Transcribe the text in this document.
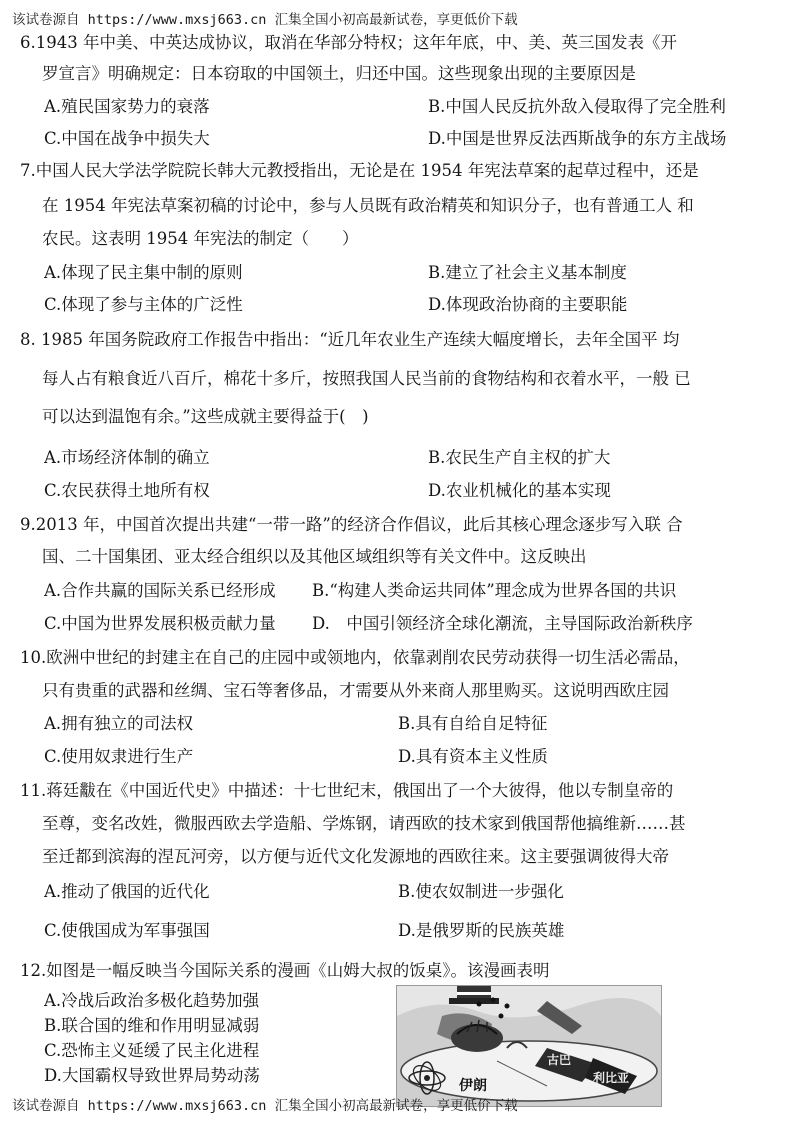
该试卷源自 https://www.mxsj663.cn 汇集全国小初高最新试卷，享更低价下载
6.1943 年中美、中英达成协议，取消在华部分特权；这年年底，中、美、英三国发表《开
罗宣言》明确规定：日本窃取的中国领土，归还中国。这些现象出现的主要原因是
A.殖民国家势力的衰落	B.中国人民反抗外敌入侵取得了完全胜利
C.中国在战争中损失大	D.中国是世界反法西斯战争的东方主战场
7.中国人民大学法学院院长韩大元教授指出，无论是在 1954 年宪法草案的起草过程中，还是
在 1954 年宪法草案初稿的讨论中，参与人员既有政治精英和知识分子，也有普通工人 和
农民。这表明 1954 年宪法的制定（　　）
A.体现了民主集中制的原则	B.建立了社会主义基本制度
C.体现了参与主体的广泛性	D.体现政治协商的主要职能
8. 1985 年国务院政府工作报告中指出：“近几年农业生产连续大幅度增长，去年全国平 均
每人占有粮食近八百斤，棉花十多斤，按照我国人民当前的食物结构和衣着水平，一般 已
可以达到温饱有余。”这些成就主要得益于(　)
A.市场经济体制的确立	B.农民生产自主权的扩大
C.农民获得土地所有权	D.农业机械化的基本实现
9.2013 年，中国首次提出共建“一带一路”的经济合作倡议，此后其核心理念逐步写入联 合
国、二十国集团、亚太经合组织以及其他区域组织等有关文件中。这反映出
A.合作共赢的国际关系已经形成	B.“构建人类命运共同体”理念成为世界各国的共识
C.中国为世界发展积极贡献力量	D.　中国引领经济全球化潮流，主导国际政治新秩序
10.欧洲中世纪的封建主在自己的庄园中或领地内，依靠剥削农民劳动获得一切生活必需品，
只有贵重的武器和丝绸、宝石等奢侈品，才需要从外来商人那里购买。这说明西欧庄园
A.拥有独立的司法权	B.具有自给自足特征
C.使用奴隶进行生产	D.具有资本主义性质
11.蒋廷黻在《中国近代史》中描述：十七世纪末，俄国出了一个大彼得，他以专制皇帝的
至尊，变名改姓，微服西欧去学造船、学炼钢，请西欧的技术家到俄国帮他搞维新……甚
至迁都到滨海的涅瓦河旁，以方便与近代文化发源地的西欧往来。这主要强调彼得大帝
A.推动了俄国的近代化	B.使农奴制进一步强化
C.使俄国成为军事强国	D.是俄罗斯的民族英雄
12.如图是一幅反映当今国际关系的漫画《山姆大叔的饭桌》。该漫画表明
A.冷战后政治多极化趋势加强
B.联合国的维和作用明显减弱
C.恐怖主义延缓了民主化进程
D.大国霸权导致世界局势动荡
伊朗
古巴
利比亚
该试卷源自 https://www.mxsj663.cn 汇集全国小初高最新试卷，享更低价下载
